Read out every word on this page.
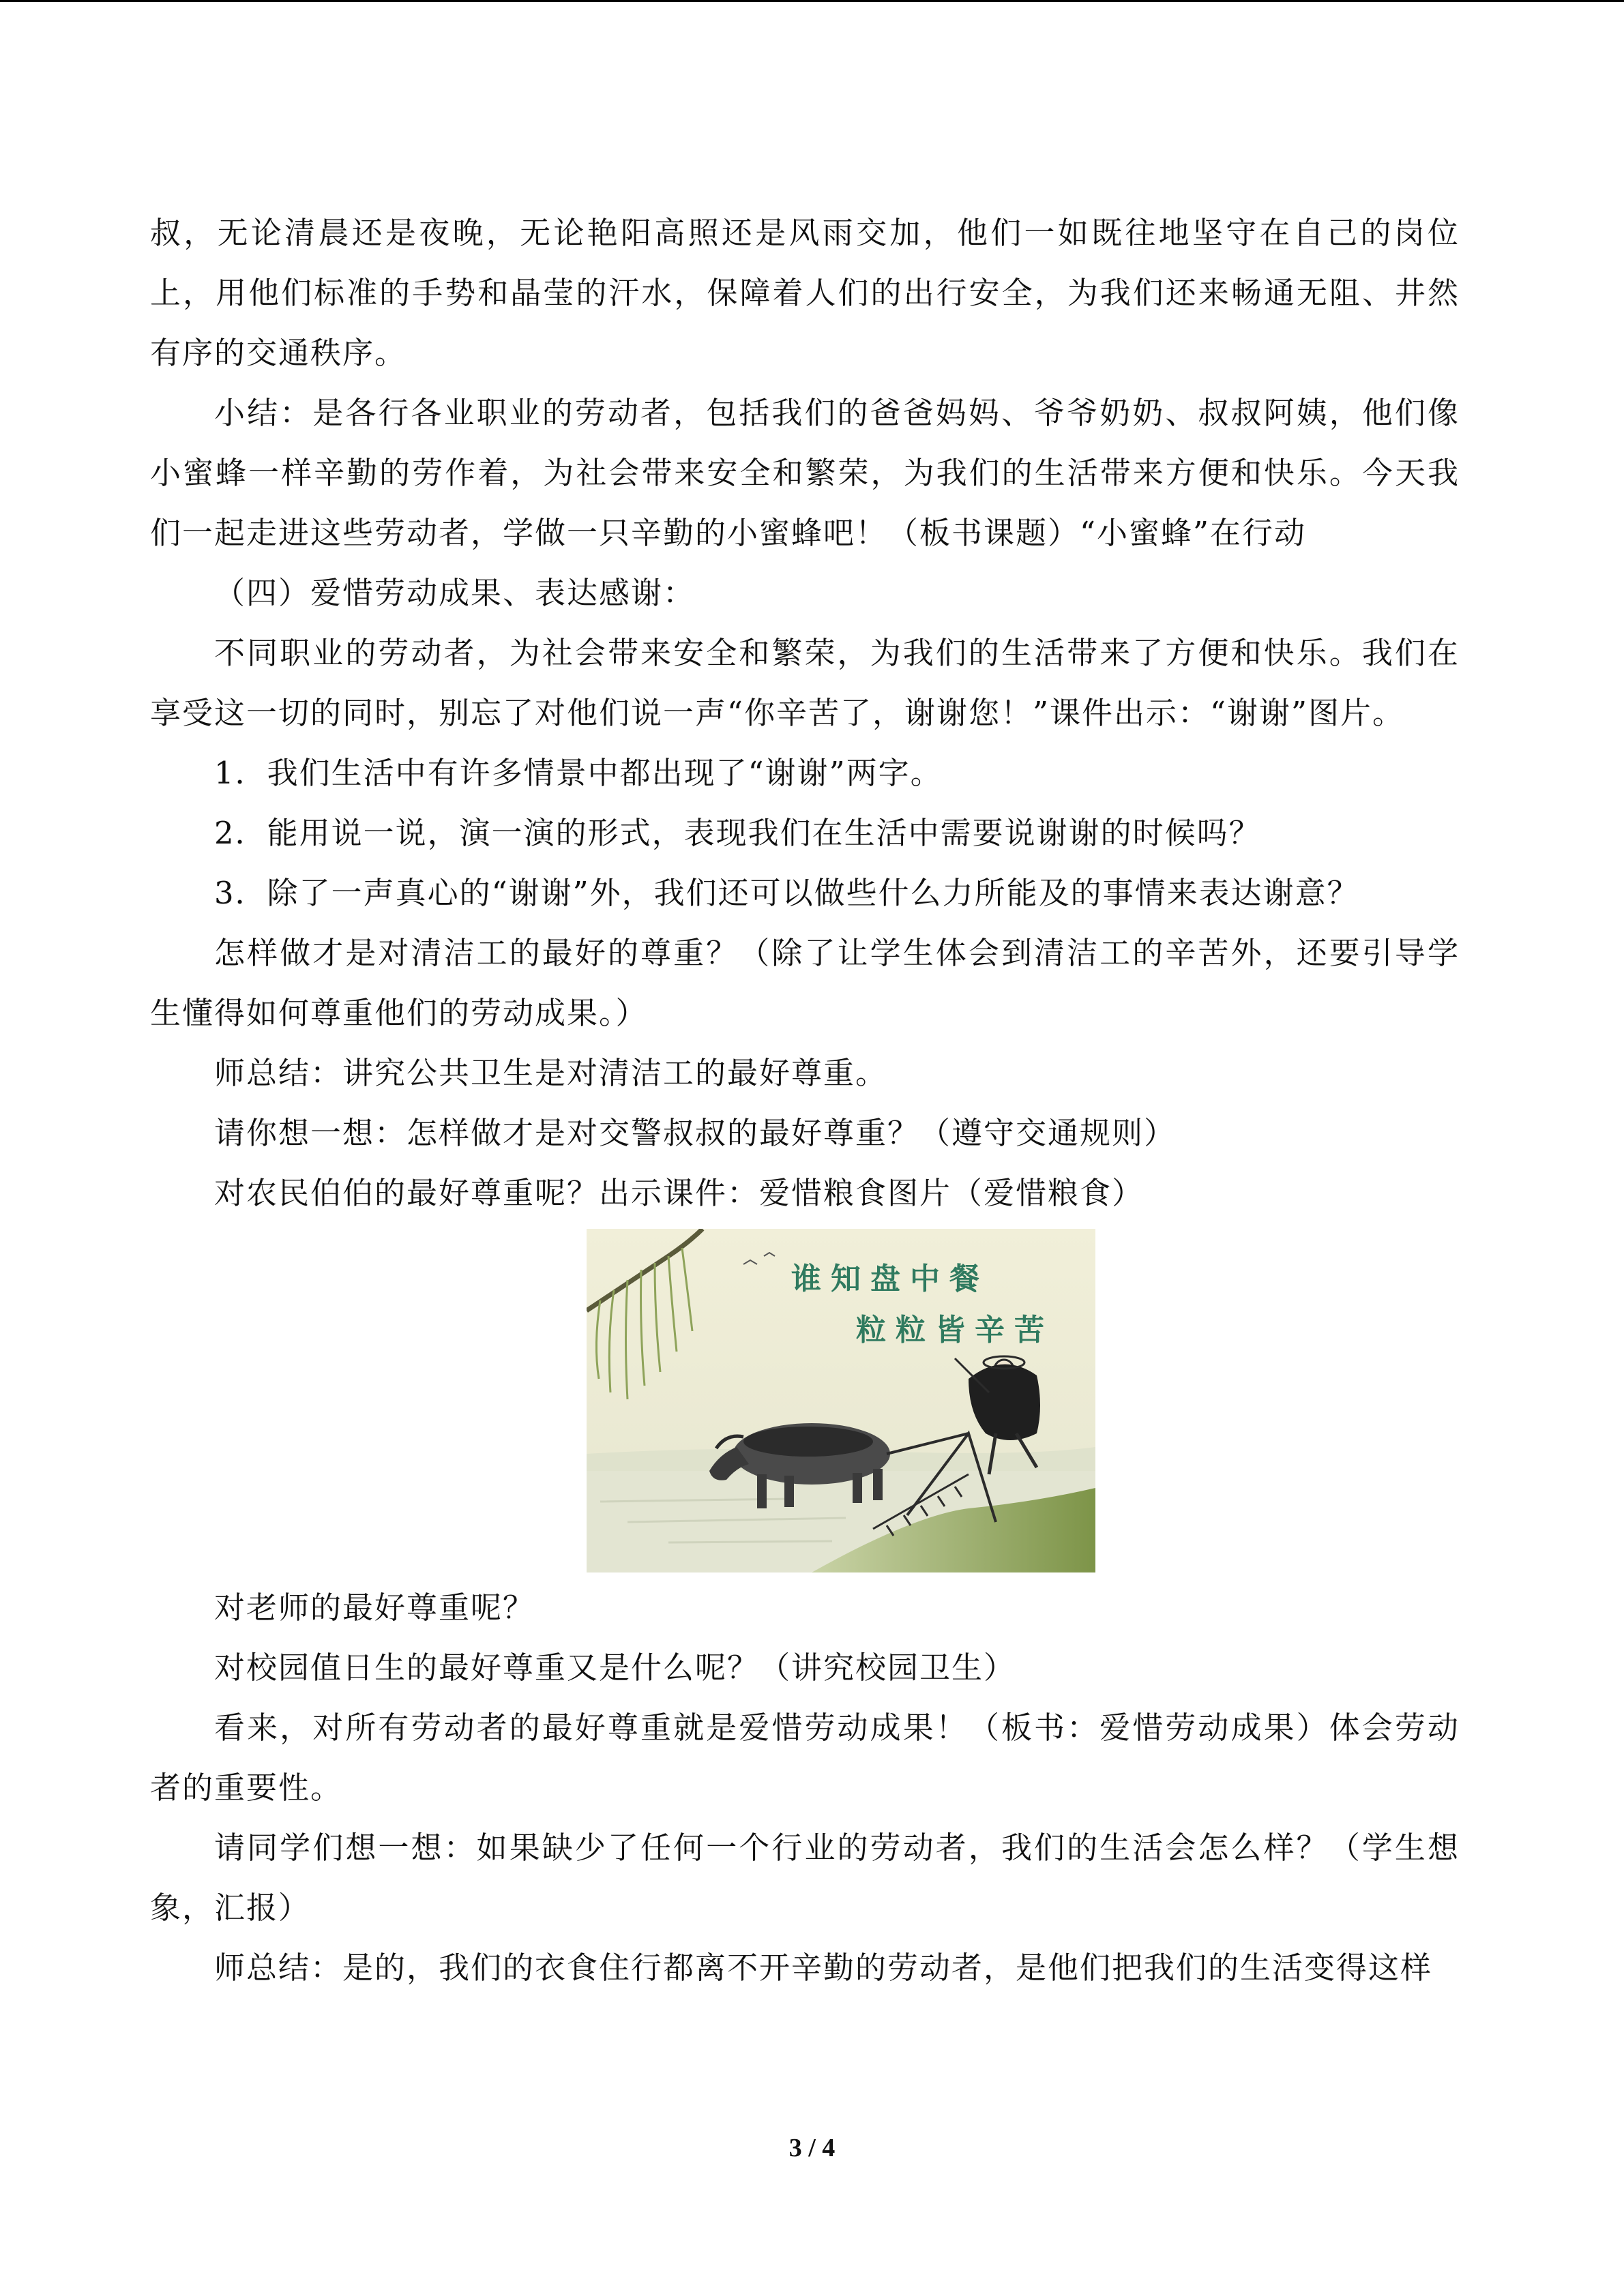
叔，无论清晨还是夜晚，无论艳阳高照还是风雨交加，他们一如既往地坚守在自己的岗位上，用他们标准的手势和晶莹的汗水，保障着人们的出行安全，为我们还来畅通无阻、井然有序的交通秩序。

小结：是各行各业职业的劳动者，包括我们的爸爸妈妈、爷爷奶奶、叔叔阿姨，他们像小蜜蜂一样辛勤的劳作着，为社会带来安全和繁荣，为我们的生活带来方便和快乐。今天我们一起走进这些劳动者，学做一只辛勤的小蜜蜂吧！（板书课题）“小蜜蜂”在行动

（四）爱惜劳动成果、表达感谢：

不同职业的劳动者，为社会带来安全和繁荣，为我们的生活带来了方便和快乐。我们在享受这一切的同时，别忘了对他们说一声“你辛苦了，谢谢您！”课件出示：“谢谢”图片。

1．我们生活中有许多情景中都出现了“谢谢”两字。

2．能用说一说，演一演的形式，表现我们在生活中需要说谢谢的时候吗？

3．除了一声真心的“谢谢”外，我们还可以做些什么力所能及的事情来表达谢意？

怎样做才是对清洁工的最好的尊重？（除了让学生体会到清洁工的辛苦外，还要引导学生懂得如何尊重他们的劳动成果。）

师总结：讲究公共卫生是对清洁工的最好尊重。

请你想一想：怎样做才是对交警叔叔的最好尊重？（遵守交通规则）

对农民伯伯的最好尊重呢？出示课件：爱惜粮食图片（爱惜粮食）

谁知盘中餐
粒粒皆辛苦

对老师的最好尊重呢？

对校园值日生的最好尊重又是什么呢？（讲究校园卫生）

看来，对所有劳动者的最好尊重就是爱惜劳动成果！（板书：爱惜劳动成果）体会劳动者的重要性。

请同学们想一想：如果缺少了任何一个行业的劳动者，我们的生活会怎么样？（学生想象，汇报）

师总结：是的，我们的衣食住行都离不开辛勤的劳动者，是他们把我们的生活变得这样

3 / 4
